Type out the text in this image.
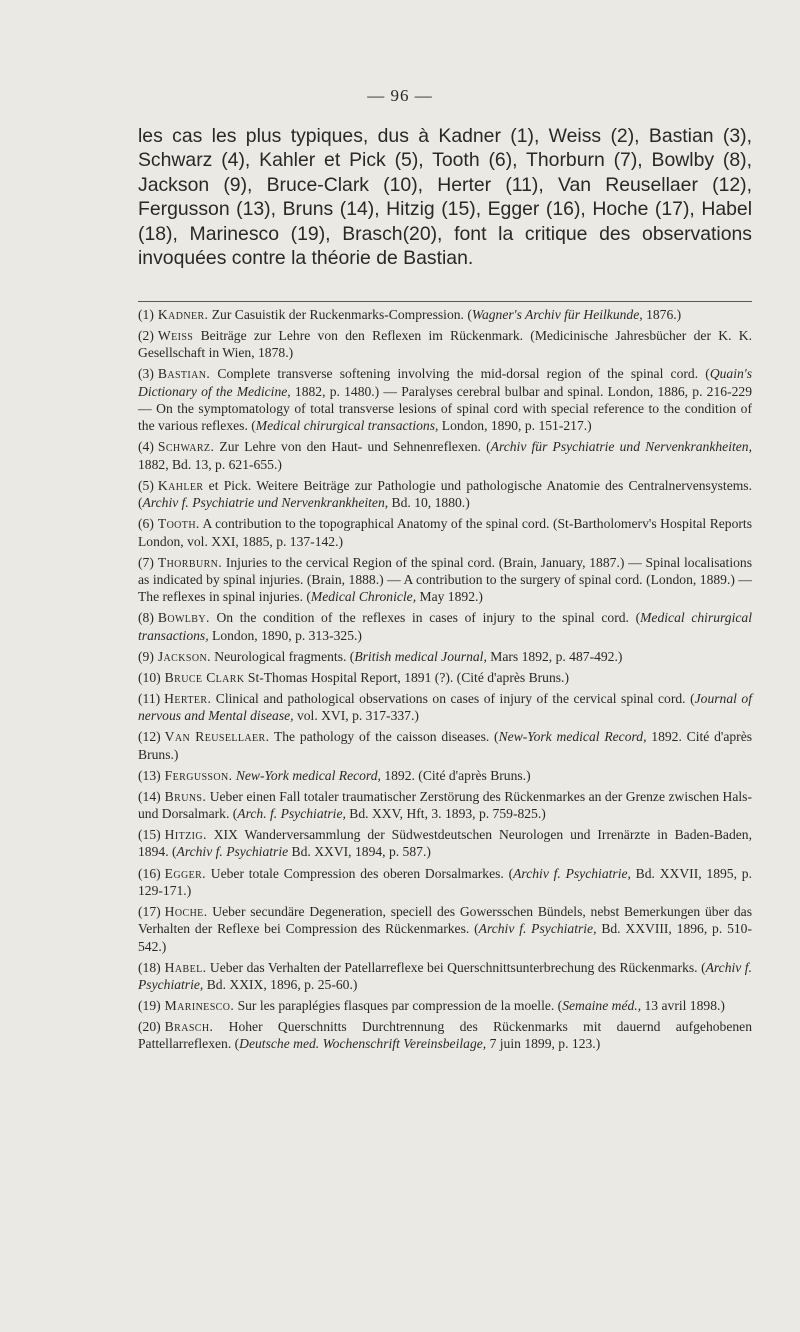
— 96 —

les cas les plus typiques, dus à Kadner (1), Weiss (2), Bastian (3), Schwarz (4), Kahler et Pick (5), Tooth (6), Thorburn (7), Bowlby (8), Jackson (9), Bruce-Clark (10), Herter (11), Van Reusellaer (12), Fergusson (13), Bruns (14), Hitzig (15), Egger (16), Hoche (17), Habel (18), Marinesco (19), Brasch(20), font la critique des observations invoquées contre la théorie de Bastian.

(1) Kadner. Zur Casuistik der Ruckenmarks-Compression. (Wagner's Archiv für Heilkunde, 1876.)
(2) Weiss Beiträge zur Lehre von den Reflexen im Rückenmark. (Medicinische Jahresbücher der K. K. Gesellschaft in Wien, 1878.)
(3) Bastian. Complete transverse softening involving the mid-dorsal region of the spinal cord. (Quain's Dictionary of the Medicine, 1882, p. 1480.) — Paralyses cerebral bulbar and spinal. London, 1886, p. 216-229 — On the symptomatology of total transverse lesions of spinal cord with special reference to the condition of the various reflexes. (Medical chirurgical transactions, London, 1890, p. 151-217.)
(4) Schwarz. Zur Lehre von den Haut- und Sehnenreflexen. (Archiv für Psychiatrie und Nervenkrankheiten, 1882, Bd. 13, p. 621-655.)
(5) Kahler et Pick. Weitere Beiträge zur Pathologie und pathologische Anatomie des Centralnervensystems. (Archiv f. Psychiatrie und Nervenkrankheiten, Bd. 10, 1880.)
(6) Tooth. A contribution to the topographical Anatomy of the spinal cord. (St-Bartholomerv's Hospital Reports London, vol. XXI, 1885, p. 137-142.)
(7) Thorburn. Injuries to the cervical Region of the spinal cord. (Brain, January, 1887.) — Spinal localisations as indicated by spinal injuries. (Brain, 1888.) — A contribution to the surgery of spinal cord. (London, 1889.) — The reflexes in spinal injuries. (Medical Chronicle, May 1892.)
(8) Bowlby. On the condition of the reflexes in cases of injury to the spinal cord. (Medical chirurgical transactions, London, 1890, p. 313-325.)
(9) Jackson. Neurological fragments. (British medical Journal, Mars 1892, p. 487-492.)
(10) Bruce Clark St-Thomas Hospital Report, 1891 (?). (Cité d'après Bruns.)
(11) Herter. Clinical and pathological observations on cases of injury of the cervical spinal cord. (Journal of nervous and Mental disease, vol. XVI, p. 317-337.)
(12) Van Reusellaer. The pathology of the caisson diseases. (New-York medical Record, 1892. Cité d'après Bruns.)
(13) Fergusson. New-York medical Record, 1892. (Cité d'après Bruns.)
(14) Bruns. Ueber einen Fall totaler traumatischer Zerstörung des Rückenmarkes an der Grenze zwischen Hals- und Dorsalmark. (Arch. f. Psychiatrie, Bd. XXV, Hft, 3. 1893, p. 759-825.)
(15) Hitzig. XIX Wanderversammlung der Südwestdeutschen Neurologen und Irrenärzte in Baden-Baden, 1894. (Archiv f. Psychiatrie Bd. XXVI, 1894, p. 587.)
(16) Egger. Ueber totale Compression des oberen Dorsalmarkes. (Archiv f. Psychiatrie, Bd. XXVII, 1895, p. 129-171.)
(17) Hoche. Ueber secundäre Degeneration, speciell des Gowersschen Bündels, nebst Bemerkungen über das Verhalten der Reflexe bei Compression des Rückenmarkes. (Archiv f. Psychiatrie, Bd. XXVIII, 1896, p. 510-542.)
(18) Habel. Ueber das Verhalten der Patellarreflexe bei Querschnittsunterbrechung des Rückenmarks. (Archiv f. Psychiatrie, Bd. XXIX, 1896, p. 25-60.)
(19) Marinesco. Sur les paraplégies flasques par compression de la moelle. (Semaine méd., 13 avril 1898.)
(20) Brasch. Hoher Querschnitts Durchtrennung des Rückenmarks mit dauernd aufgehobenen Pattellarreflexen. (Deutsche med. Wochenschrift Vereinsbeilage, 7 juin 1899, p. 123.)
